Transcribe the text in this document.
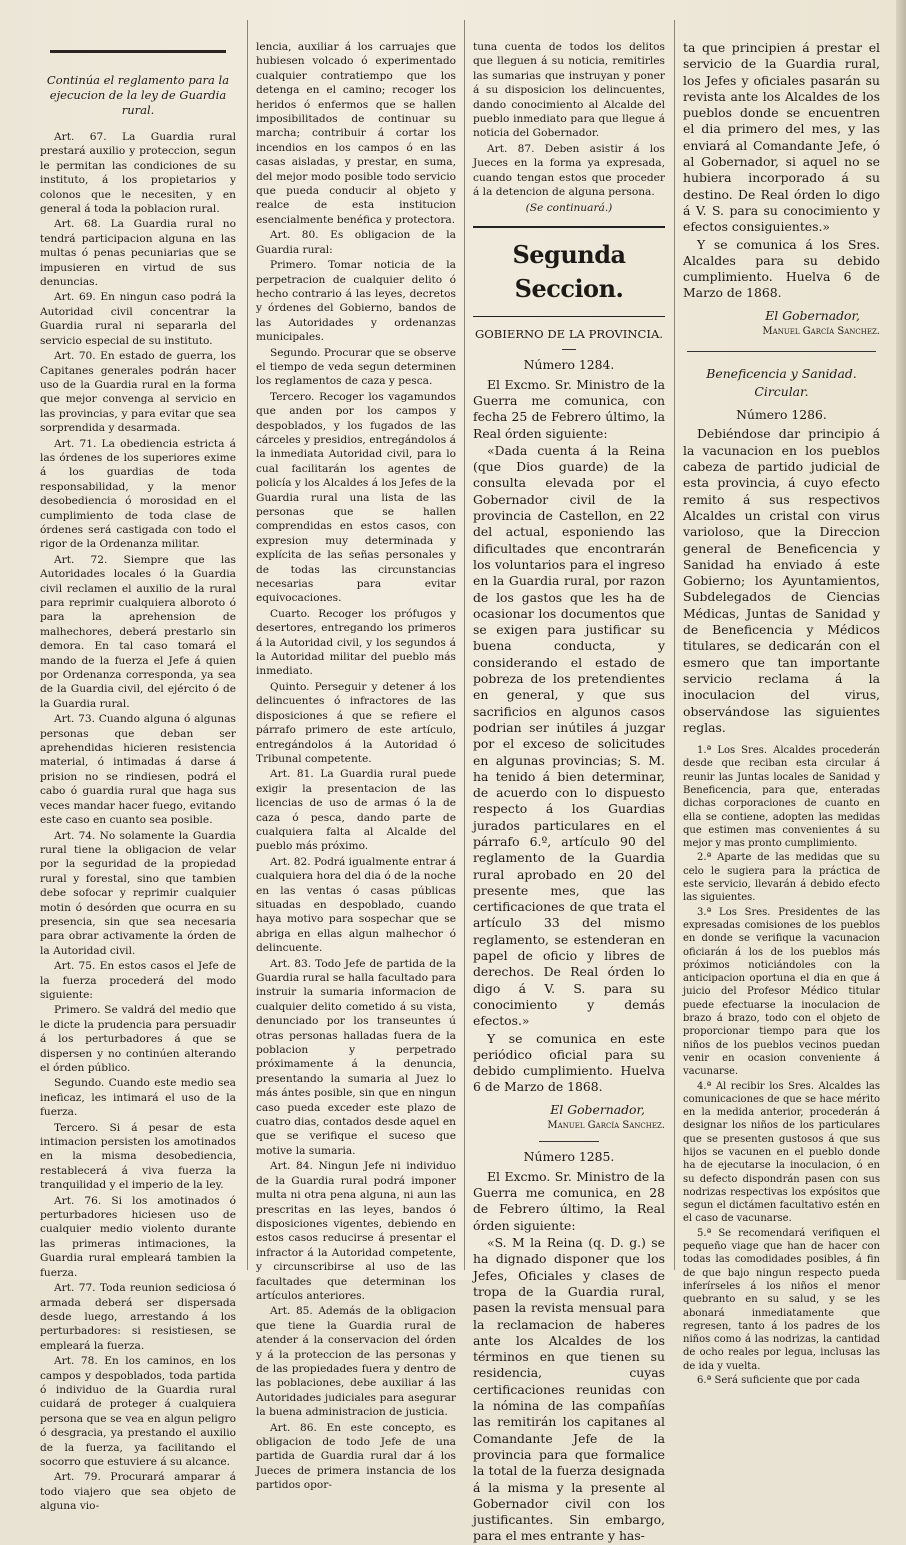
Continúa el reglamento para la ejecucion de la ley de Guardia rural.

Art. 67. La Guardia rural prestará auxilio y proteccion, segun le permitan las condiciones de su instituto, á los propietarios y colonos que le necesiten, y en general á toda la poblacion rural.

Art. 68. La Guardia rural no tendrá participacion alguna en las multas ó penas pecuniarias que se impusieren en virtud de sus denuncias.

Art. 69. En ningun caso podrá la Autoridad civil concentrar la Guardia rural ni separarla del servicio especial de su instituto.

Art. 70. En estado de guerra, los Capitanes generales podrán hacer uso de la Guardia rural en la forma que mejor convenga al servicio en las provincias, y para evitar que sea sorprendida y desarmada.

Art. 71. La obediencia estricta á las órdenes de los superiores exime á los guardias de toda responsabilidad, y la menor desobediencia ó morosidad en el cumplimiento de toda clase de órdenes será castigada con todo el rigor de la Ordenanza militar.

Art. 72. Siempre que las Autoridades locales ó la Guardia civil reclamen el auxilio de la rural para reprimir cualquiera alboroto ó para la aprehension de malhechores, deberá prestarlo sin demora. En tal caso tomará el mando de la fuerza el Jefe á quien por Ordenanza corresponda, ya sea de la Guardia civil, del ejército ó de la Guardia rural.

Art. 73. Cuando alguna ó algunas personas que deban ser aprehendidas hicieren resistencia material, ó intimadas á darse á prision no se rindiesen, podrá el cabo ó guardia rural que haga sus veces mandar hacer fuego, evitando este caso en cuanto sea posible.

Art. 74. No solamente la Guardia rural tiene la obligacion de velar por la seguridad de la propiedad rural y forestal, sino que tambien debe sofocar y reprimir cualquier motin ó desórden que ocurra en su presencia, sin que sea necesaria para obrar activamente la órden de la Autoridad civil.

Art. 75. En estos casos el Jefe de la fuerza procederá del modo siguiente:

Primero. Se valdrá del medio que le dicte la prudencia para persuadir á los perturbadores á que se dispersen y no continúen alterando el órden público.

Segundo. Cuando este medio sea ineficaz, les intimará el uso de la fuerza.

Tercero. Si á pesar de esta intimacion persisten los amotinados en la misma desobediencia, restablecerá á viva fuerza la tranquilidad y el imperio de la ley.

Art. 76. Si los amotinados ó perturbadores hiciesen uso de cualquier medio violento durante las primeras intimaciones, la Guardia rural empleará tambien la fuerza.

Art. 77. Toda reunion sediciosa ó armada deberá ser dispersada desde luego, arrestando á los perturbadores: si resistiesen, se empleará la fuerza.

Art. 78. En los caminos, en los campos y despoblados, toda partida ó individuo de la Guardia rural cuidará de proteger á cualquiera persona que se vea en algun peligro ó desgracia, ya prestando el auxilio de la fuerza, ya facilitando el socorro que estuviere á su alcance.

Art. 79. Procurará amparar á todo viajero que sea objeto de alguna vio-

lencia, auxiliar á los carruajes que hubiesen volcado ó experimentado cualquier contratiempo que los detenga en el camino; recoger los heridos ó enfermos que se hallen imposibilitados de continuar su marcha; contribuir á cortar los incendios en los campos ó en las casas aisladas, y prestar, en suma, del mejor modo posible todo servicio que pueda conducir al objeto y realce de esta institucion esencialmente benéfica y protectora.

Art. 80. Es obligacion de la Guardia rural:

Primero. Tomar noticia de la perpetracion de cualquier delito ó hecho contrario á las leyes, decretos y órdenes del Gobierno, bandos de las Autoridades y ordenanzas municipales.

Segundo. Procurar que se observe el tiempo de veda segun determinen los reglamentos de caza y pesca.

Tercero. Recoger los vagamundos que anden por los campos y despoblados, y los fugados de las cárceles y presidios, entregándolos á la inmediata Autoridad civil, para lo cual facilitarán los agentes de policía y los Alcaldes á los Jefes de la Guardia rural una lista de las personas que se hallen comprendidas en estos casos, con expresion muy determinada y explícita de las señas personales y de todas las circunstancias necesarias para evitar equivocaciones.

Cuarto. Recoger los prófugos y desertores, entregando los primeros á la Autoridad civil, y los segundos á la Autoridad militar del pueblo más inmediato.

Quinto. Perseguir y detener á los delincuentes ó infractores de las disposiciones á que se refiere el párrafo primero de este artículo, entregándolos á la Autoridad ó Tribunal competente.

Art. 81. La Guardia rural puede exigir la presentacion de las licencias de uso de armas ó la de caza ó pesca, dando parte de cualquiera falta al Alcalde del pueblo más próximo.

Art. 82. Podrá igualmente entrar á cualquiera hora del dia ó de la noche en las ventas ó casas públicas situadas en despoblado, cuando haya motivo para sospechar que se abriga en ellas algun malhechor ó delincuente.

Art. 83. Todo Jefe de partida de la Guardia rural se halla facultado para instruir la sumaria informacion de cualquier delito cometido á su vista, denunciado por los transeuntes ú otras personas halladas fuera de la poblacion y perpetrado próximamente á la denuncia, presentando la sumaria al Juez lo más ántes posible, sin que en ningun caso pueda exceder este plazo de cuatro dias, contados desde aquel en que se verifique el suceso que motive la sumaria.

Art. 84. Ningun Jefe ni individuo de la Guardia rural podrá imponer multa ni otra pena alguna, ni aun las prescritas en las leyes, bandos ó disposiciones vigentes, debiendo en estos casos reducirse á presentar el infractor á la Autoridad competente, y circunscribirse al uso de las facultades que determinan los artículos anteriores.

Art. 85. Además de la obligacion que tiene la Guardia rural de atender á la conservacion del órden y á la proteccion de las personas y de las propiedades fuera y dentro de las poblaciones, debe auxiliar á las Autoridades judiciales para asegurar la buena administracion de justicia.

Art. 86. En este concepto, es obligacion de todo Jefe de una partida de Guardia rural dar á los Jueces de primera instancia de los partidos opor-

tuna cuenta de todos los delitos que lleguen á su noticia, remitirles las sumarias que instruyan y poner á su disposicion los delincuentes, dando conocimiento al Alcalde del pueblo inmediato para que llegue á noticia del Gobernador.

Art. 87. Deben asistir á los Jueces en la forma ya expresada, cuando tengan estos que proceder á la detencion de alguna persona.

(Se continuará.)

Segunda Seccion.

GOBIERNO DE LA PROVINCIA.

Número 1284.

El Excmo. Sr. Ministro de la Guerra me comunica, con fecha 25 de Febrero último, la Real órden siguiente:

«Dada cuenta á la Reina (que Dios guarde) de la consulta elevada por el Gobernador civil de la provincia de Castellon, en 22 del actual, esponiendo las dificultades que encontrarán los voluntarios para el ingreso en la Guardia rural, por razon de los gastos que les ha de ocasionar los documentos que se exigen para justificar su buena conducta, y considerando el estado de pobreza de los pretendientes en general, y que sus sacrificios en algunos casos podrian ser inútiles á juzgar por el exceso de solicitudes en algunas provincias; S. M. ha tenido á bien determinar, de acuerdo con lo dispuesto respecto á los Guardias jurados particulares en el párrafo 6.º, artículo 90 del reglamento de la Guardia rural aprobado en 20 del presente mes, que las certificaciones de que trata el artículo 33 del mismo reglamento, se estenderan en papel de oficio y libres de derechos. De Real órden lo digo á V. S. para su conocimiento y demás efectos.»

Y se comunica en este periódico oficial para su debido cumplimiento. Huelva 6 de Marzo de 1868.

El Gobernador,

Manuel García Sanchez.

Número 1285.

El Excmo. Sr. Ministro de la Guerra me comunica, en 28 de Febrero último, la Real órden siguiente:

«S. M la Reina (q. D. g.) se ha dignado disponer que los Jefes, Oficiales y clases de tropa de la Guardia rural, pasen la revista mensual para la reclamacion de haberes ante los Alcaldes de los términos en que tienen su residencia, cuyas certificaciones reunidas con la nómina de las compañías las remitirán los capitanes al Comandante Jefe de la provincia para que formalice la total de la fuerza designada á la misma y la presente al Gobernador civil con los justificantes. Sin embargo, para el mes entrante y has-

ta que principien á prestar el servicio de la Guardia rural, los Jefes y oficiales pasarán su revista ante los Alcaldes de los pueblos donde se encuentren el dia primero del mes, y las enviará al Comandante Jefe, ó al Gobernador, si aquel no se hubiera incorporado á su destino. De Real órden lo digo á V. S. para su conocimiento y efectos consiguientes.»

Y se comunica á los Sres. Alcaldes para su debido cumplimiento. Huelva 6 de Marzo de 1868.

El Gobernador,

Manuel García Sanchez.

Beneficencia y Sanidad.

Circular.

Número 1286.

Debiéndose dar principio á la vacunacion en los pueblos cabeza de partido judicial de esta provincia, á cuyo efecto remito á sus respectivos Alcaldes un cristal con virus varioloso, que la Direccion general de Beneficencia y Sanidad ha enviado á este Gobierno; los Ayuntamientos, Subdelegados de Ciencias Médicas, Juntas de Sanidad y de Beneficencia y Médicos titulares, se dedicarán con el esmero que tan importante servicio reclama á la inoculacion del virus, observándose las siguientes reglas.

1.ª Los Sres. Alcaldes procederán desde que reciban esta circular á reunir las Juntas locales de Sanidad y Beneficencia, para que, enteradas dichas corporaciones de cuanto en ella se contiene, adopten las medidas que estimen mas convenientes á su mejor y mas pronto cumplimiento.

2.ª Aparte de las medidas que su celo le sugiera para la práctica de este servicio, llevarán á debido efecto las siguientes.

3.ª Los Sres. Presidentes de las expresadas comisiones de los pueblos en donde se verifique la vacunacion oficiarán á los de los pueblos más próximos noticiándoles con la anticipacion oportuna el dia en que á juicio del Profesor Médico titular puede efectuarse la inoculacion de brazo á brazo, todo con el objeto de proporcionar tiempo para que los niños de los pueblos vecinos puedan venir en ocasion conveniente á vacunarse.

4.ª Al recibir los Sres. Alcaldes las comunicaciones de que se hace mérito en la medida anterior, procederán á designar los niños de los particulares que se presenten gustosos á que sus hijos se vacunen en el pueblo donde ha de ejecutarse la inoculacion, ó en su defecto dispondrán pasen con sus nodrizas respectivas los expósitos que segun el dictámen facultativo estén en el caso de vacunarse.

5.ª Se recomendará verifiquen el pequeño viage que han de hacer con todas las comodidades posibles, á fin de que bajo ningun respecto pueda inferírseles á los niños el menor quebranto en su salud, y se les abonará inmediatamente que regresen, tanto á los padres de los niños como á las nodrizas, la cantidad de ocho reales por legua, inclusas las de ida y vuelta.

6.ª Será suficiente que por cada
